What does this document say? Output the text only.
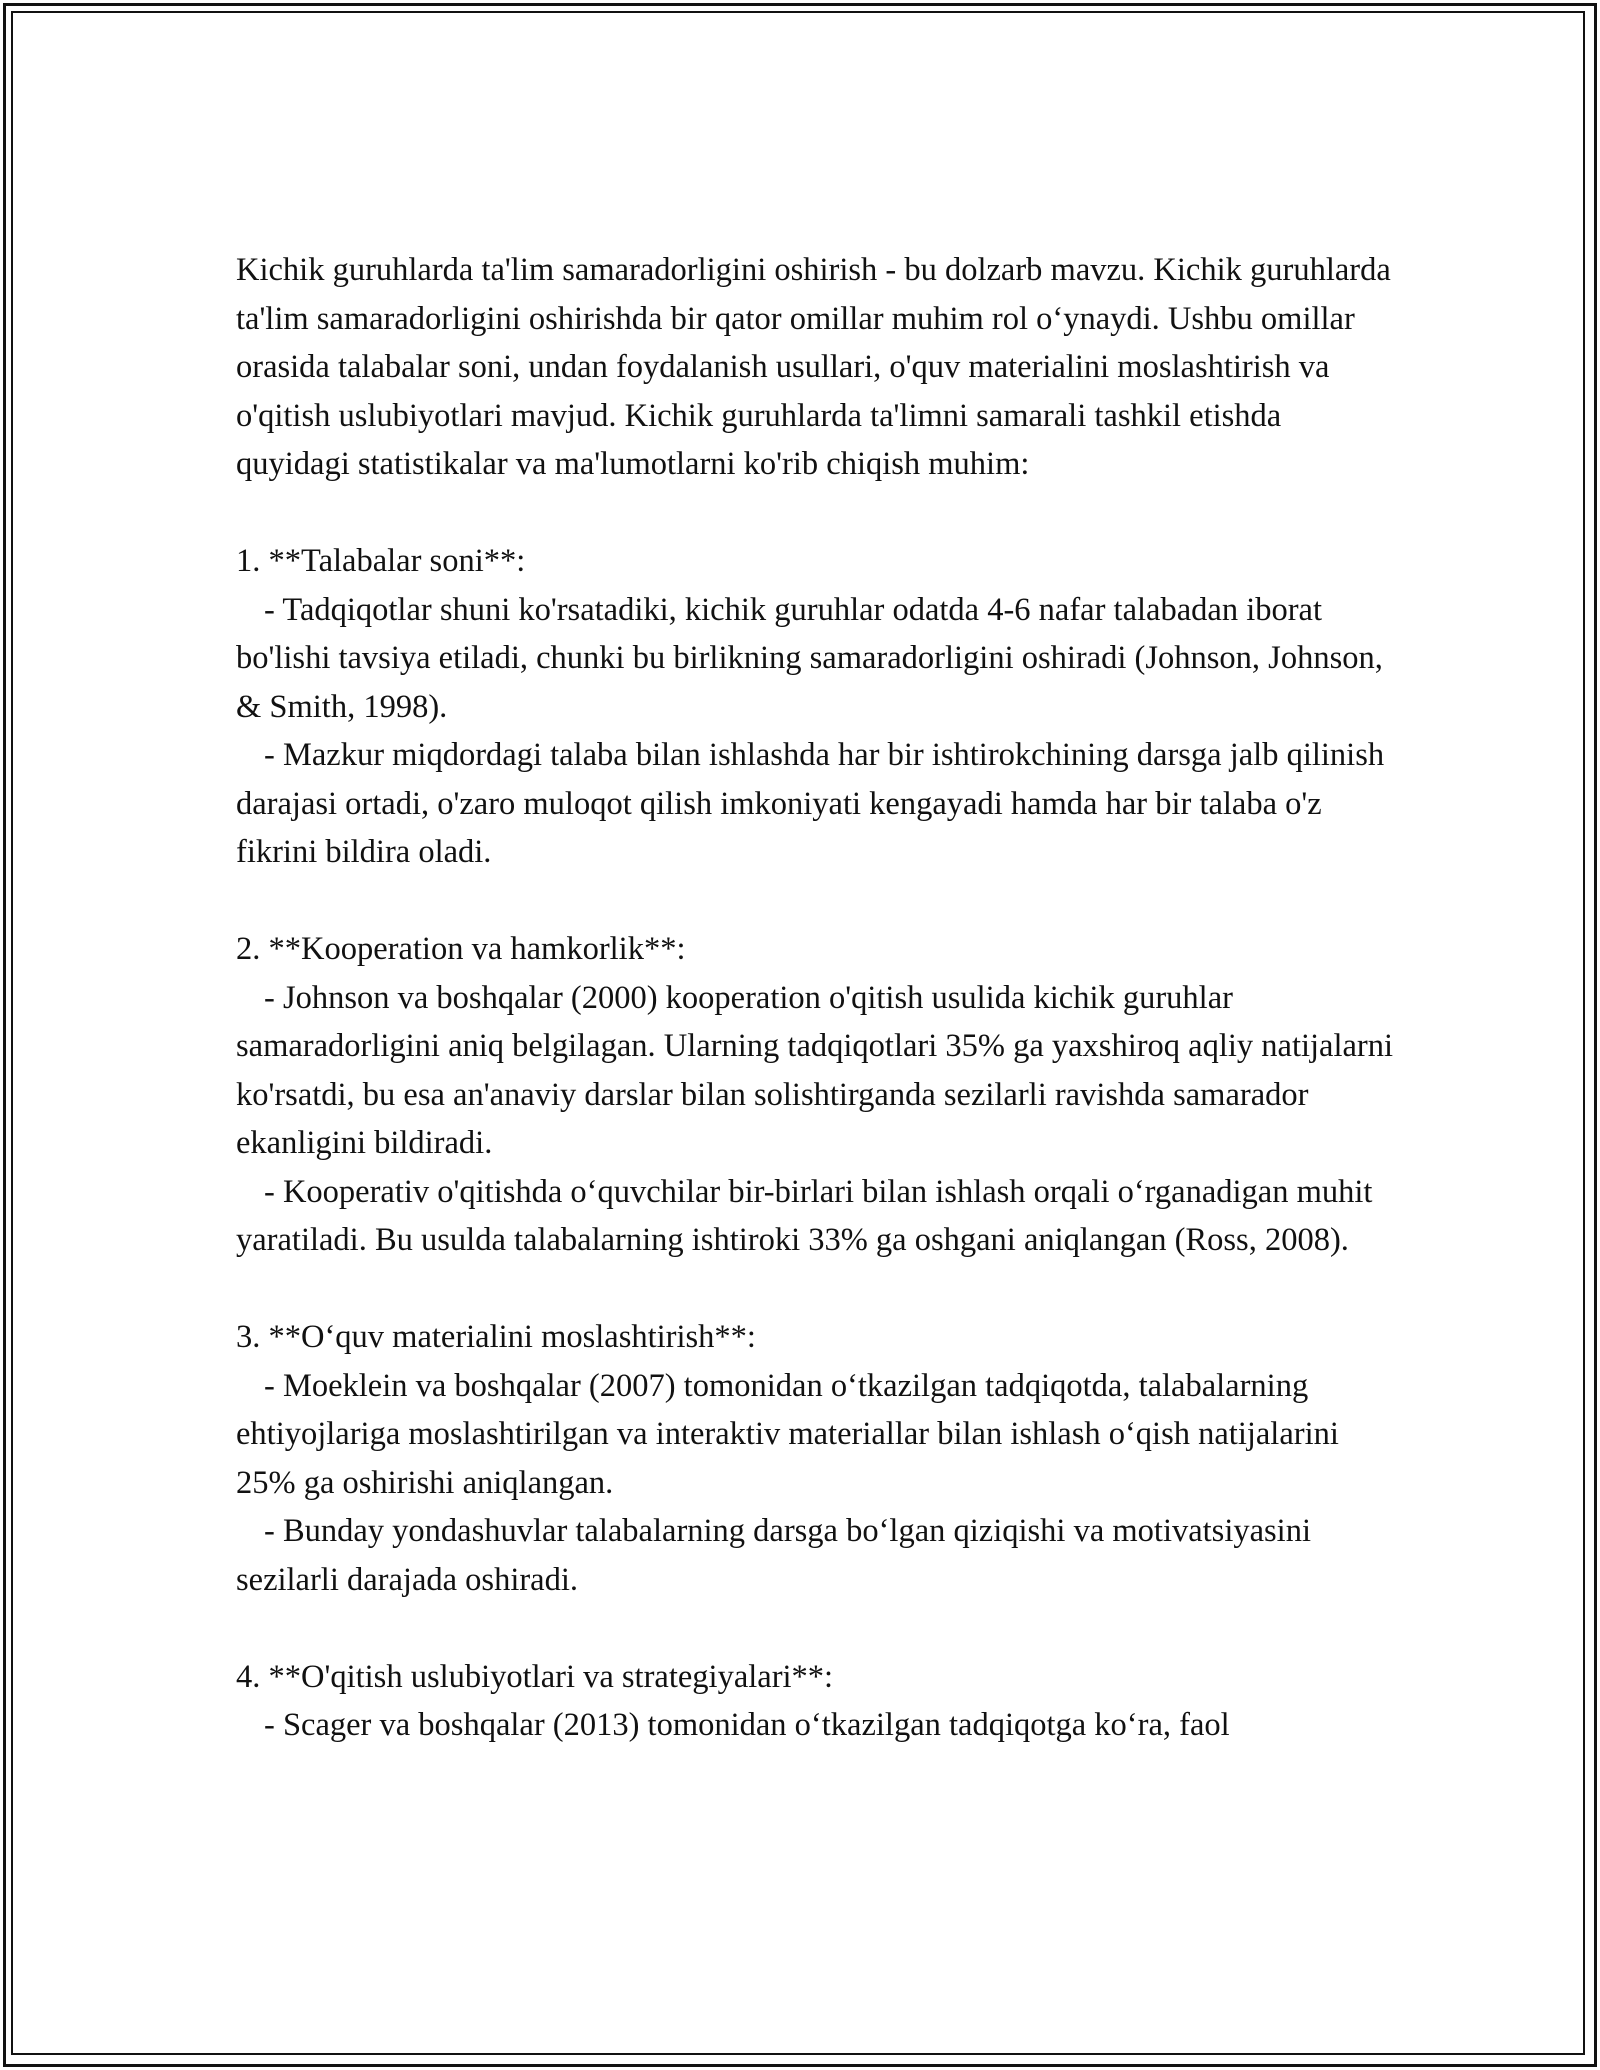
Kichik guruhlarda ta'lim samaradorligini oshirish - bu dolzarb mavzu. Kichik guruhlarda ta'lim samaradorligini oshirishda bir qator omillar muhim rol o‘ynaydi. Ushbu omillar orasida talabalar soni, undan foydalanish usullari, o'quv materialini moslashtirish va o'qitish uslubiyotlari mavjud. Kichik guruhlarda ta'limni samarali tashkil etishda quyidagi statistikalar va ma'lumotlarni ko'rib chiqish muhim:

1. **Talabalar soni**:

- Tadqiqotlar shuni ko'rsatadiki, kichik guruhlar odatda 4-6 nafar talabadan iborat bo'lishi tavsiya etiladi, chunki bu birlikning samaradorligini oshiradi (Johnson, Johnson, & Smith, 1998).

- Mazkur miqdordagi talaba bilan ishlashda har bir ishtirokchining darsga jalb qilinish darajasi ortadi, o'zaro muloqot qilish imkoniyati kengayadi hamda har bir talaba o'z fikrini bildira oladi.

2. **Kooperation va hamkorlik**:

- Johnson va boshqalar (2000) kooperation o'qitish usulida kichik guruhlar samaradorligini aniq belgilagan. Ularning tadqiqotlari 35% ga yaxshiroq aqliy natijalarni ko'rsatdi, bu esa an'anaviy darslar bilan solishtirganda sezilarli ravishda samarador ekanligini bildiradi.

- Kooperativ o'qitishda o‘quvchilar bir-birlari bilan ishlash orqali o‘rganadigan muhit yaratiladi. Bu usulda talabalarning ishtiroki 33% ga oshgani aniqlangan (Ross, 2008).

3. **O‘quv materialini moslashtirish**:

- Moeklein va boshqalar (2007) tomonidan o‘tkazilgan tadqiqotda, talabalarning ehtiyojlariga moslashtirilgan va interaktiv materiallar bilan ishlash o‘qish natijalarini 25% ga oshirishi aniqlangan.

- Bunday yondashuvlar talabalarning darsga bo‘lgan qiziqishi va motivatsiyasini sezilarli darajada oshiradi.

4. **O'qitish uslubiyotlari va strategiyalari**:

- Scager va boshqalar (2013) tomonidan o‘tkazilgan tadqiqotga ko‘ra, faol
